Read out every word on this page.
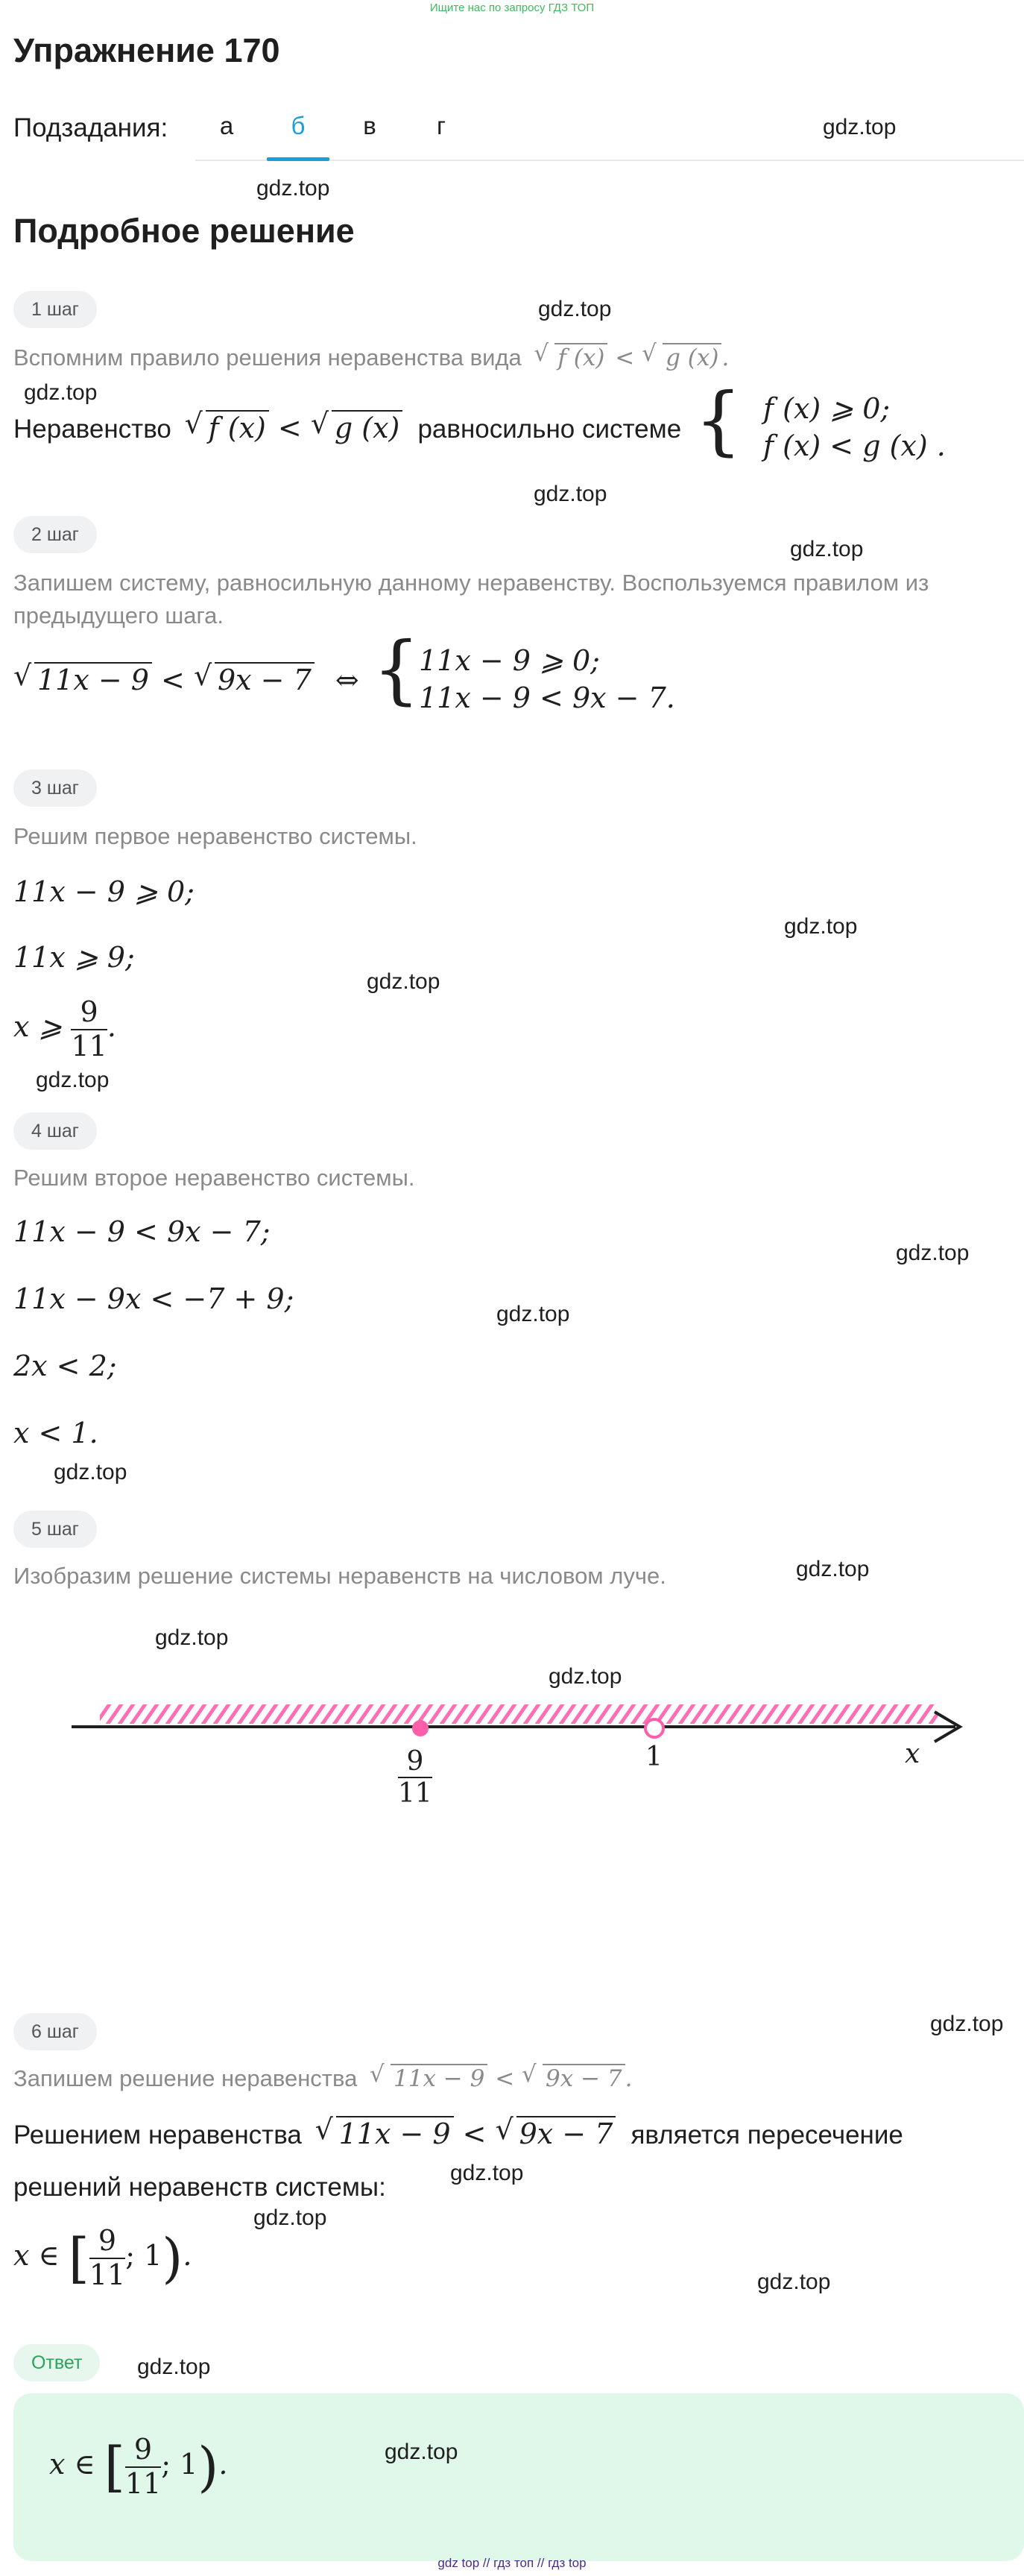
Ищите нас по запросу ГДЗ ТОП
Упражнение 170
Подзадания:	а	б	в	г	gdz.top
gdz.top
Подробное решение
1 шаг	gdz.top
Вспомним правило решения неравенства вида √ f (x) < √ g (x) .
gdz.top
Неравенство √ f (x) < √ g (x) равносильно системе { f (x) ⩾ 0;
f (x) < g (x) .
gdz.top
2 шаг
gdz.top
Запишем систему, равносильную данному неравенству. Воспользуемся правилом из
предыдущего шага.
√ 11x − 9 < √ 9x − 7 ⇔ {
11x − 9 ⩾ 0;
11x − 9 < 9x − 7.
3 шаг
Решим первое неравенство системы.
11x − 9 ⩾ 0;
gdz.top
11x ⩾ 9;
gdz.top
x ⩾ $\frac{9}{11}$ .
gdz.top
4 шаг
Решим второе неравенство системы.
11x − 9 < 9x − 7;
gdz.top
11x − 9x < −7 + 9;	gdz.top
2x < 2;
x < 1.
gdz.top
5 шаг
Изобразим решение системы неравенств на числовом луче.	gdz.top
gdz.top
gdz.top
x
$\frac{9}{11}$	1
6 шаг	gdz.top
Запишем решение неравенства √ 11x − 9 < √ 9x − 7 .
Решением неравенства √ 11x − 9 < √ 9x − 7 является пересечение
решений неравенств системы:	gdz.top
gdz.top
x ∈ [ $\frac{9}{11}$ ; 1).
gdz.top
Ответ	gdz.top
x ∈ [ $\frac{9}{11}$ ; 1).	gdz.top
gdz top // гдз топ // гдз top
